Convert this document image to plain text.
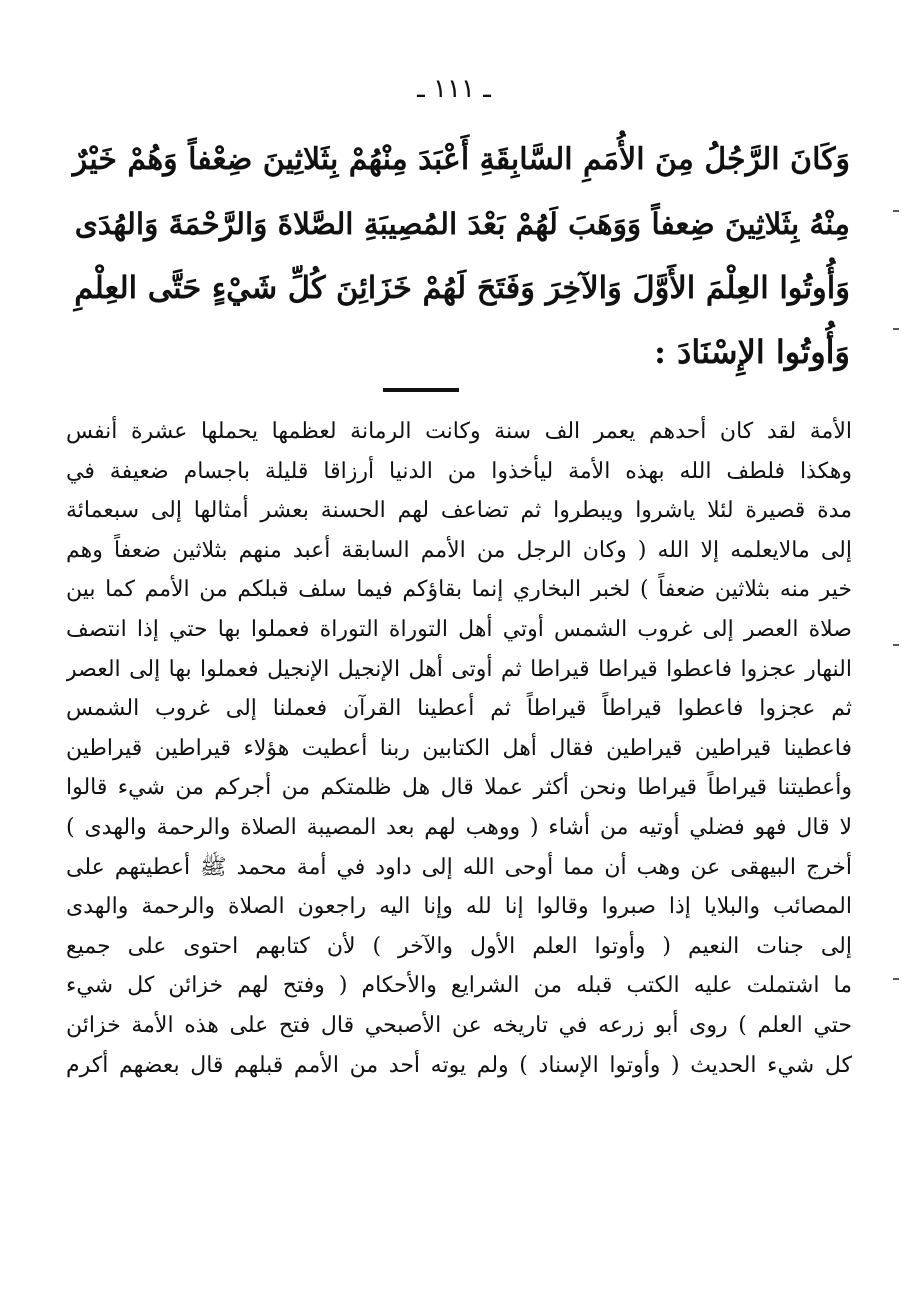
ـ ١١١ ـ
وَكَانَ الرَّجُلُ مِنَ الأُمَمِ السَّابِقَةِ أَعْبَدَ مِنْهُمْ بِثَلاثِينَ ضِعْفاً وَهُمْ خَيْرٌ
مِنْهُ بِثَلاثِينَ ضِعفاً وَوَهَبَ لَهُمْ بَعْدَ المُصِيبَةِ الصَّلاةَ وَالرَّحْمَةَ وَالهُدَى
وَأُوتُوا العِلْمَ الأَوَّلَ وَالآخِرَ وَفَتَحَ لَهُمْ خَزَائِنَ كُلِّ شَيْءٍ حَتَّى العِلْمِ
وَأُوتُوا الإِسْنَادَ :
الأمة لقد كان أحدهم يعمر الف سنة وكانت الرمانة لعظمها يحملها عشرة أنفس
وهكذا فلطف الله بهذه الأمة ليأخذوا من الدنيا أرزاقا قليلة باجسام ضعيفة في
مدة قصيرة لئلا ياشروا ويبطروا ثم تضاعف لهم الحسنة بعشر أمثالها إلى سبعمائة
إلى مالايعلمه إلا الله ( وكان الرجل من الأمم السابقة أعبد منهم بثلاثين ضعفاً وهم
خير منه بثلاثين ضعفاً ) لخبر البخاري إنما بقاؤكم فيما سلف قبلكم من الأمم كما بين
صلاة العصر إلى غروب الشمس أوتي أهل التوراة التوراة فعملوا بها حتي إذا انتصف
النهار عجزوا فاعطوا قيراطا قيراطا ثم أوتى أهل الإنجيل الإنجيل فعملوا بها إلى العصر
ثم عجزوا فاعطوا قيراطاً قيراطاً ثم أعطينا القرآن فعملنا إلى غروب الشمس
فاعطينا قيراطين قيراطين فقال أهل الكتابين ربنا أعطيت هؤلاء قيراطين قيراطين
وأعطيتنا قيراطاً قيراطا ونحن أكثر عملا قال هل ظلمتكم من أجركم من شيء قالوا
لا قال فهو فضلي أوتيه من أشاء ( ووهب لهم بعد المصيبة الصلاة والرحمة والهدى )
أخرج البيهقى عن وهب أن مما أوحى الله إلى داود في أمة محمد ﷺ أعطيتهم على
المصائب والبلايا إذا صبروا وقالوا إنا لله وإنا اليه راجعون الصلاة والرحمة والهدى
إلى جنات النعيم ( وأوتوا العلم الأول والآخر ) لأن كتابهم احتوى على جميع
ما اشتملت عليه الكتب قبله من الشرايع والأحكام ( وفتح لهم خزائن كل شيء
حتي العلم ) روى أبو زرعه في تاريخه عن الأصبحي قال فتح على هذه الأمة خزائن
كل شيء الحديث ( وأوتوا الإسناد ) ولم يوته أحد من الأمم قبلهم قال بعضهم أكرم
